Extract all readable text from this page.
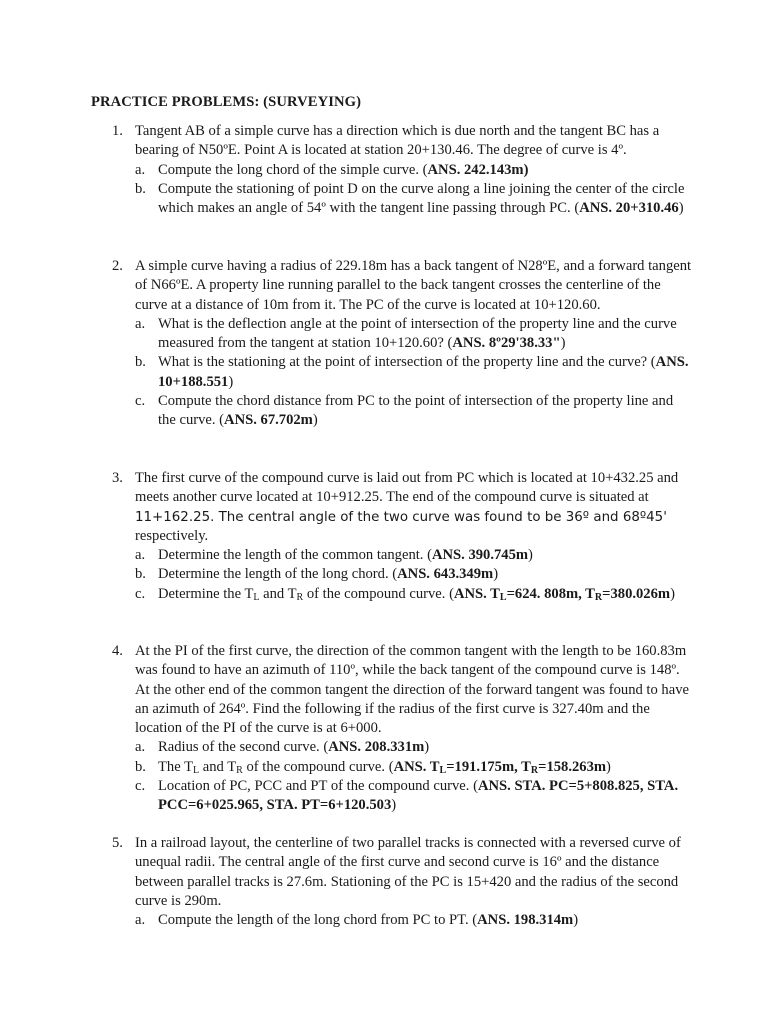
PRACTICE PROBLEMS: (SURVEYING)
1. Tangent AB of a simple curve has a direction which is due north and the tangent BC has a bearing of N50ºE. Point A is located at station 20+130.46. The degree of curve is 4º.
a. Compute the long chord of the simple curve. (ANS. 242.143m)
b. Compute the stationing of point D on the curve along a line joining the center of the circle which makes an angle of 54º with the tangent line passing through PC. (ANS. 20+310.46)
2. A simple curve having a radius of 229.18m has a back tangent of N28ºE, and a forward tangent of N66ºE. A property line running parallel to the back tangent crosses the centerline of the curve at a distance of 10m from it. The PC of the curve is located at 10+120.60.
a. What is the deflection angle at the point of intersection of the property line and the curve measured from the tangent at station 10+120.60? (ANS. 8º29'38.33")
b. What is the stationing at the point of intersection of the property line and the curve? (ANS. 10+188.551)
c. Compute the chord distance from PC to the point of intersection of the property line and the curve. (ANS. 67.702m)
3. The first curve of the compound curve is laid out from PC which is located at 10+432.25 and meets another curve located at 10+912.25. The end of the compound curve is situated at 11+162.25. The central angle of the two curve was found to be 36º and 68º45' respectively.
a. Determine the length of the common tangent. (ANS. 390.745m)
b. Determine the length of the long chord. (ANS. 643.349m)
c. Determine the $T_L$ and $T_R$ of the compound curve. (ANS. $T_L=624$. 808m, $T_R=380.026m$)
4. At the PI of the first curve, the direction of the common tangent with the length to be 160.83m was found to have an azimuth of 110º, while the back tangent of the compound curve is 148º. At the other end of the common tangent the direction of the forward tangent was found to have an azimuth of 264º. Find the following if the radius of the first curve is 327.40m and the location of the PI of the curve is at 6+000.
a. Radius of the second curve. (ANS. 208.331m)
b. The $T_L$ and $T_R$ of the compound curve. (ANS. $T_L=191.175m$, $T_R=158.263m$)
c. Location of PC, PCC and PT of the compound curve. (ANS. STA. PC=5+808.825, STA. PCC=6+025.965, STA. PT=6+120.503)
5. In a railroad layout, the centerline of two parallel tracks is connected with a reversed curve of unequal radii. The central angle of the first curve and second curve is 16º and the distance between parallel tracks is 27.6m. Stationing of the PC is 15+420 and the radius of the second curve is 290m.
a. Compute the length of the long chord from PC to PT. (ANS. 198.314m)
